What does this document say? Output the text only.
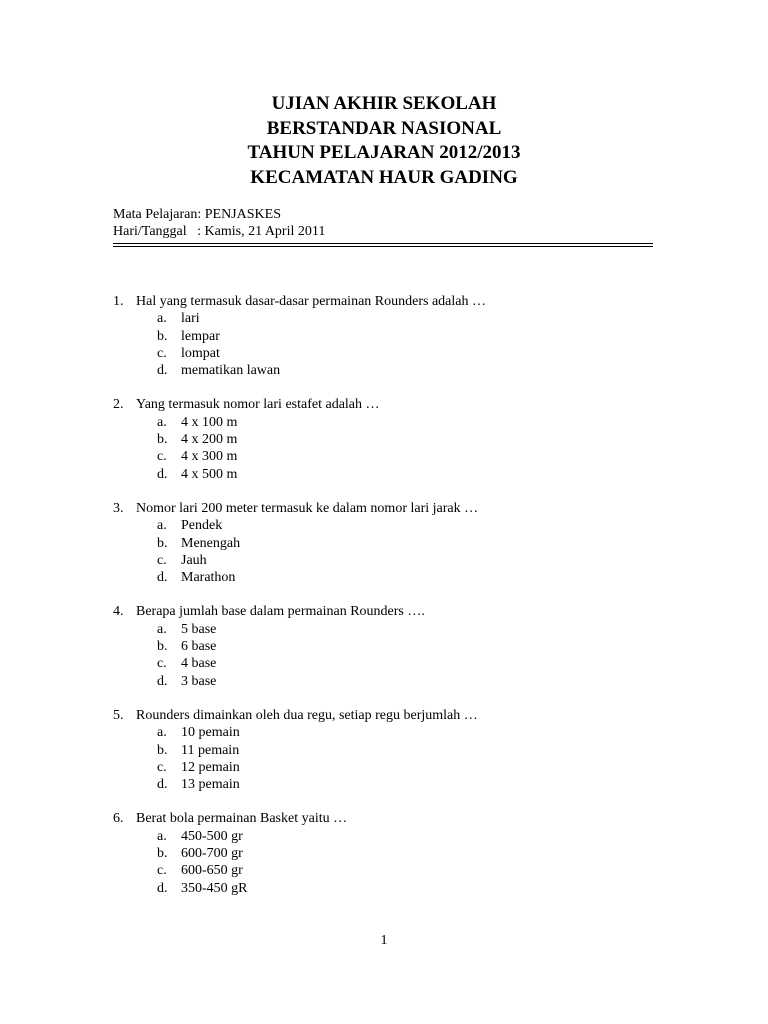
UJIAN AKHIR SEKOLAH
BERSTANDAR NASIONAL
TAHUN PELAJARAN 2012/2013
KECAMATAN HAUR GADING
Mata Pelajaran: PENJASKES
Hari/Tanggal   : Kamis, 21 April 2011
1. Hal yang termasuk dasar-dasar permainan Rounders adalah …
a.	lari
b. lempar
c.	lompat
d. mematikan lawan
2. Yang termasuk nomor lari estafet adalah …
a.	4 x 100 m
b. 4 x 200 m
c.	4 x 300 m
d. 4 x 500 m
3. Nomor lari 200 meter termasuk ke dalam nomor lari jarak …
a.	Pendek
b. Menengah
c.	Jauh
d. Marathon
4. Berapa jumlah base dalam permainan Rounders ….
a.	5 base
b. 6 base
c.	4 base
d. 3 base
5. Rounders dimainkan oleh dua regu, setiap regu berjumlah …
a.	10 pemain
b. 11 pemain
c.	12 pemain
d. 13 pemain
6. Berat bola permainan Basket yaitu …
a.	450-500 gr
b. 600-700 gr
c.	600-650 gr
d. 350-450 gR
1
